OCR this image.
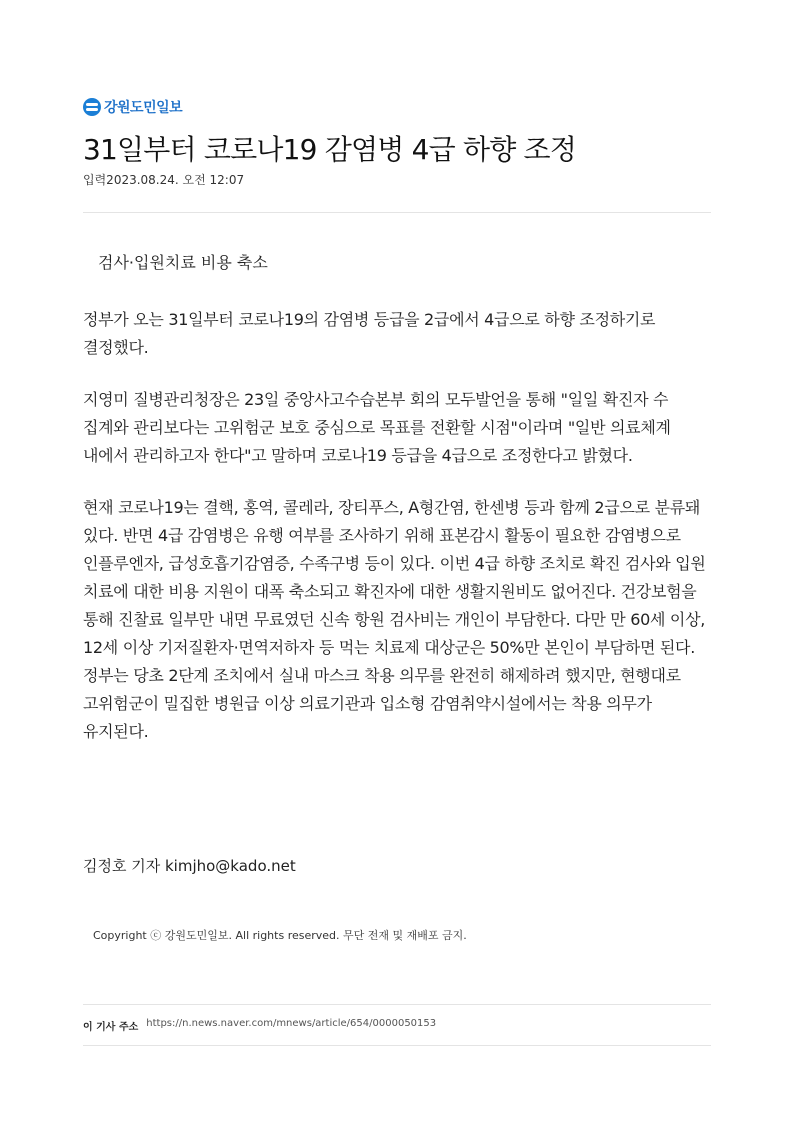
강원도민일보
31일부터 코로나19 감염병 4급 하향 조정
입력2023.08.24. 오전 12:07
검사·입원치료 비용 축소

정부가 오는 31일부터 코로나19의 감염병 등급을 2급에서 4급으로 하향 조정하기로 결정했다.

지영미 질병관리청장은 23일 중앙사고수습본부 회의 모두발언을 통해 "일일 확진자 수 집계와 관리보다는 고위험군 보호 중심으로 목표를 전환할 시점"이라며 "일반 의료체계 내에서 관리하고자 한다"고 말하며 코로나19 등급을 4급으로 조정한다고 밝혔다.

현재 코로나19는 결핵, 홍역, 콜레라, 장티푸스, A형간염, 한센병 등과 함께 2급으로 분류돼 있다. 반면 4급 감염병은 유행 여부를 조사하기 위해 표본감시 활동이 필요한 감염병으로 인플루엔자, 급성호흡기감염증, 수족구병 등이 있다. 이번 4급 하향 조치로 확진 검사와 입원 치료에 대한 비용 지원이 대폭 축소되고 확진자에 대한 생활지원비도 없어진다. 건강보험을 통해 진찰료 일부만 내면 무료였던 신속 항원 검사비는 개인이 부담한다. 다만 만 60세 이상, 12세 이상 기저질환자·면역저하자 등 먹는 치료제 대상군은 50%만 본인이 부담하면 된다. 정부는 당초 2단계 조치에서 실내 마스크 착용 의무를 완전히 해제하려 했지만, 현행대로 고위험군이 밀집한 병원급 이상 의료기관과 입소형 감염취약시설에서는 착용 의무가 유지된다.

김정호 기자 kimjho@kado.net
Copyright ⓒ 강원도민일보. All rights reserved. 무단 전재 및 재배포 금지.
이 기사 주소 https://n.news.naver.com/mnews/article/654/0000050153
